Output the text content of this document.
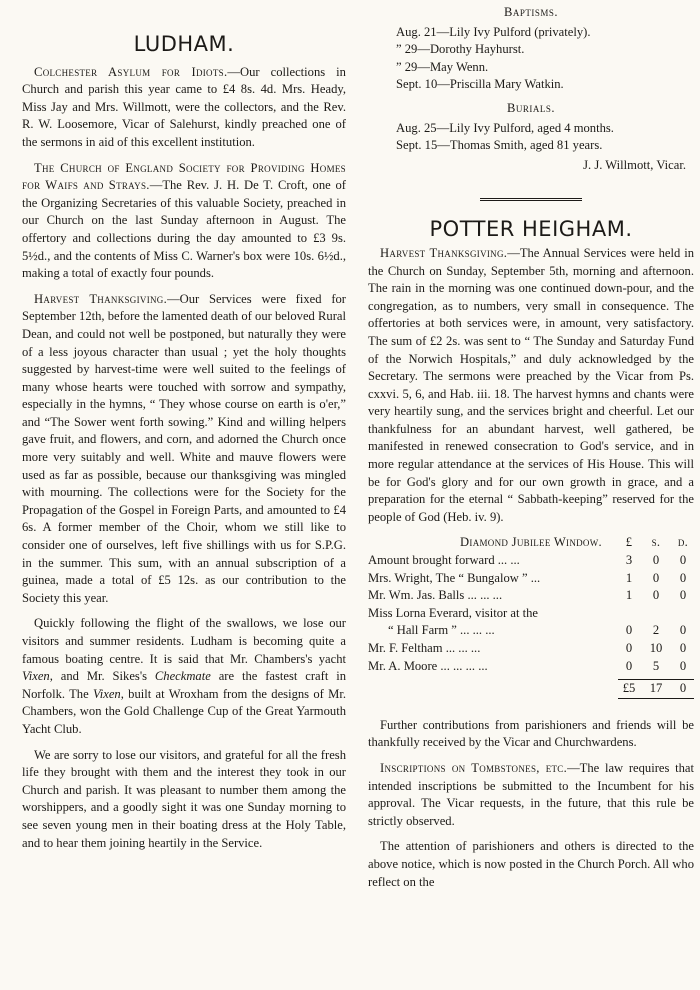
LUDHAM.

Colchester Asylum for Idiots.—Our collections in Church and parish this year came to £4 8s. 4d. Mrs. Heady, Miss Jay and Mrs. Willmott, were the collectors, and the Rev. R. W. Loosemore, Vicar of Salehurst, kindly preached one of the sermons in aid of this excellent institution.

The Church of England Society for Providing Homes for Waifs and Strays.—The Rev. J. H. De T. Croft, one of the Organizing Secretaries of this valuable Society, preached in our Church on the last Sunday afternoon in August. The offertory and collections during the day amounted to £3 9s. 5½d., and the contents of Miss C. Warner's box were 10s. 6½d., making a total of exactly four pounds.

Harvest Thanksgiving.—Our Services were fixed for September 12th, before the lamented death of our beloved Rural Dean, and could not well be postponed, but naturally they were of a less joyous character than usual ; yet the holy thoughts suggested by harvest-time were well suited to the feelings of many whose hearts were touched with sorrow and sympathy, especially in the hymns, “ They whose course on earth is o'er,” and “The Sower went forth sowing.” Kind and willing helpers gave fruit, and flowers, and corn, and adorned the Church once more very suitably and well. White and mauve flowers were used as far as possible, because our thanksgiving was mingled with mourning. The collections were for the Society for the Propagation of the Gospel in Foreign Parts, and amounted to £4 6s. A former member of the Choir, whom we still like to consider one of ourselves, left five shillings with us for S.P.G. in the summer. This sum, with an annual subscription of a guinea, made a total of £5 12s. as our contribution to the Society this year.

Quickly following the flight of the swallows, we lose our visitors and summer residents. Ludham is becoming quite a famous boating centre. It is said that Mr. Chambers's yacht Vixen, and Mr. Sikes's Checkmate are the fastest craft in Norfolk. The Vixen, built at Wroxham from the designs of Mr. Chambers, won the Gold Challenge Cup of the Great Yarmouth Yacht Club.

We are sorry to lose our visitors, and grateful for all the fresh life they brought with them and the interest they took in our Church and parish. It was pleasant to number them among the worshippers, and a goodly sight it was one Sunday morning to see seven young men in their boating dress at the Holy Table, and to hear them joining heartily in the Service.

Baptisms.
Aug. 21—Lily Ivy Pulford (privately).
” 29—Dorothy Hayhurst.
” 29—May Wenn.
Sept. 10—Priscilla Mary Watkin.
Burials.
Aug. 25—Lily Ivy Pulford, aged 4 months.
Sept. 15—Thomas Smith, aged 81 years.
J. J. Willmott, Vicar.
POTTER HEIGHAM.

Harvest Thanksgiving.—The Annual Services were held in the Church on Sunday, September 5th, morning and afternoon. The rain in the morning was one continued down-pour, and the congregation, as to numbers, very small in consequence. The offertories at both services were, in amount, very satisfactory. The sum of £2 2s. was sent to “ The Sunday and Saturday Fund of the Norwich Hospitals,” and duly acknowledged by the Secretary. The sermons were preached by the Vicar from Ps. cxxvi. 5, 6, and Hab. iii. 18. The harvest hymns and chants were very heartily sung, and the services bright and cheerful. Let our thankfulness for an abundant harvest, well gathered, be manifested in renewed consecration to God's service, and in more regular attendance at the services of His House. This will be for God's glory and for our own growth in grace, and a preparation for the eternal “ Sabbath-keeping” reserved for the people of God (Heb. iv. 9).

Diamond Jubilee Window.	£	s.	d.
Amount brought forward ... ...	3	0	0
Mrs. Wright, The “ Bungalow ” ...	1	0	0
Mr. Wm. Jas. Balls ... ... ...	1	0	0
Miss Lorna Everard, visitor at the
“ Hall Farm ” ... ... ...	0	2	0
Mr. F. Feltham ... ... ...	0	10	0
Mr. A. Moore ... ... ... ...	0	5	0
£5	17	0

Further contributions from parishioners and friends will be thankfully received by the Vicar and Churchwardens.

Inscriptions on Tombstones, etc.—The law requires that intended inscriptions be submitted to the Incumbent for his approval. The Vicar requests, in the future, that this rule be strictly observed.

The attention of parishioners and others is directed to the above notice, which is now posted in the Church Porch. All who reflect on the
